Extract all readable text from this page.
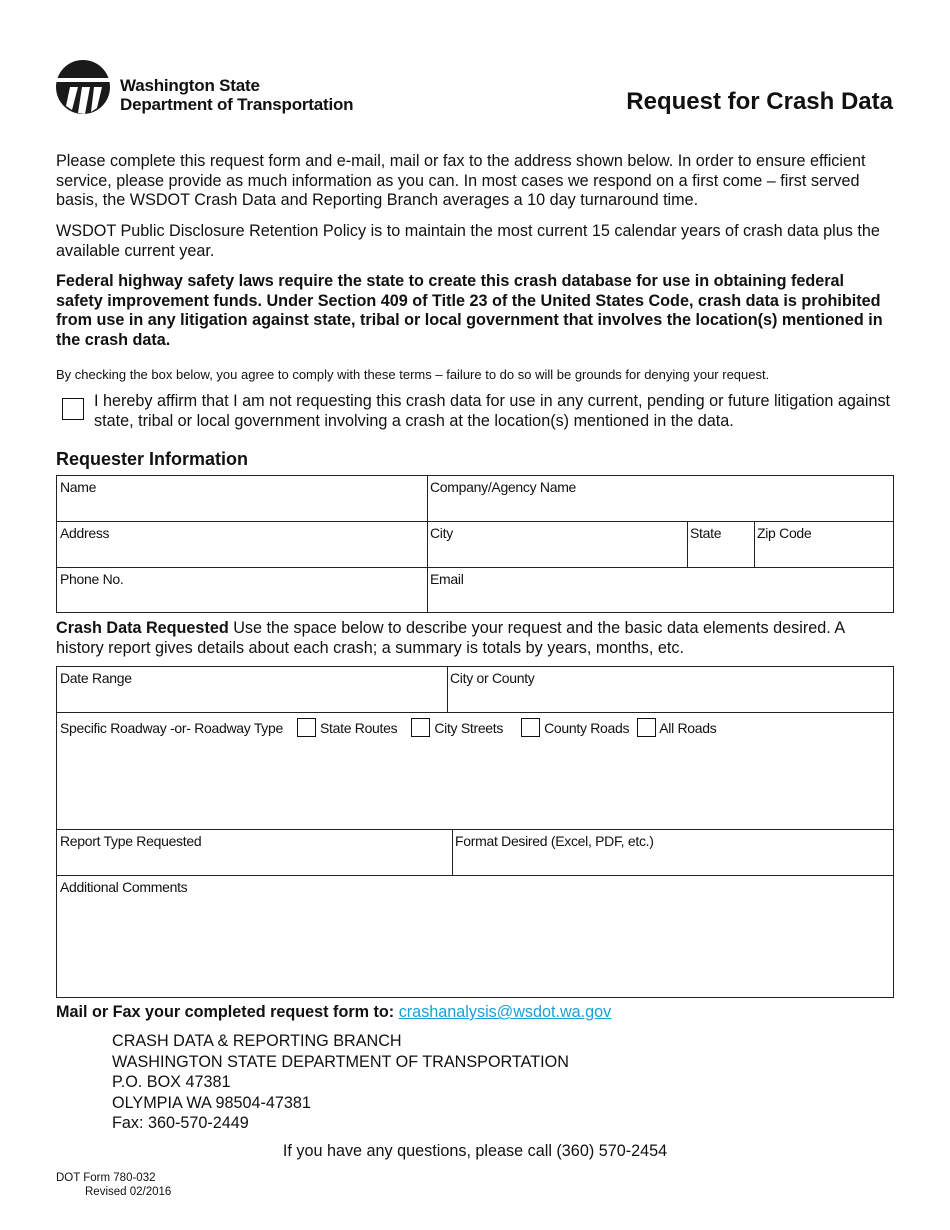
Washington State
Department of Transportation	Request for Crash Data
Please complete this request form and e-mail, mail or fax to the address shown below. In order to ensure efficient service, please provide as much information as you can. In most cases we respond on a first come – first served basis, the WSDOT Crash Data and Reporting Branch averages a 10 day turnaround time.
WSDOT Public Disclosure Retention Policy is to maintain the most current 15 calendar years of crash data plus the available current year.
Federal highway safety laws require the state to create this crash database for use in obtaining federal safety improvement funds. Under Section 409 of Title 23 of the United States Code, crash data is prohibited from use in any litigation against state, tribal or local government that involves the location(s) mentioned in the crash data.
By checking the box below, you agree to comply with these terms – failure to do so will be grounds for denying your request.
I hereby affirm that I am not requesting this crash data for use in any current, pending or future litigation against state, tribal or local government involving a crash at the location(s) mentioned in the data.
Requester Information
Name	Company/Agency Name
Address	City	State	Zip Code
Phone No.	Email
Crash Data Requested Use the space below to describe your request and the basic data elements desired. A history report gives details about each crash; a summary is totals by years, months, etc.
Date Range	City or County
Specific Roadway -or- Roadway Type	State Routes	City Streets	County Roads All Roads
Report Type Requested	Format Desired (Excel, PDF, etc.)
Additional Comments
Mail or Fax your completed request form to: crashanalysis@wsdot.wa.gov
CRASH DATA & REPORTING BRANCH
WASHINGTON STATE DEPARTMENT OF TRANSPORTATION
P.O. BOX 47381
OLYMPIA WA 98504-47381
Fax: 360-570-2449
If you have any questions, please call (360) 570-2454
DOT Form 780-032
Revised 02/2016
